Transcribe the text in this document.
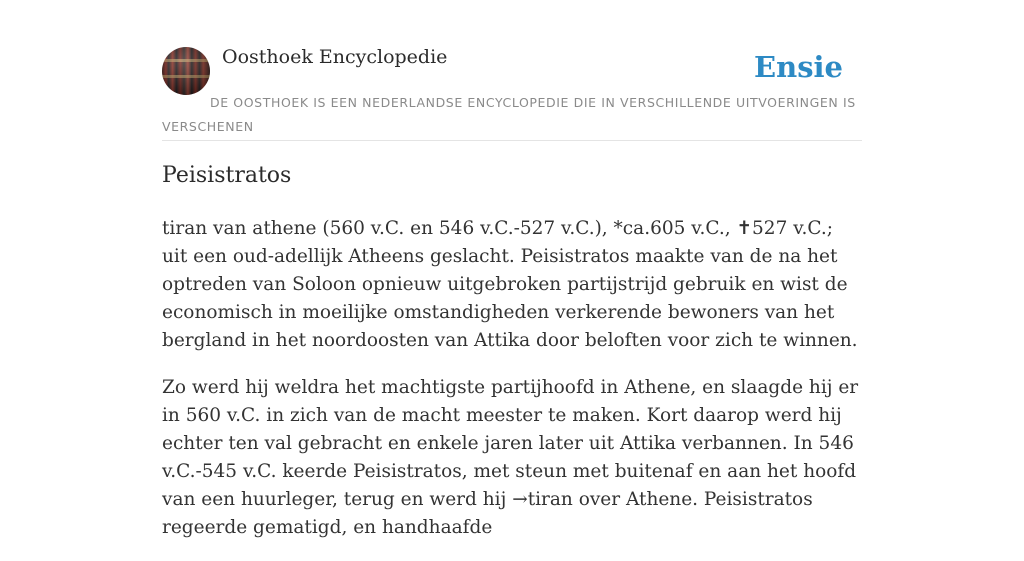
Oosthoek Encyclopedie	Ensie
DE OOSTHOEK IS EEN NEDERLANDSE ENCYCLOPEDIE DIE IN VERSCHILLENDE UITVOERINGEN IS VERSCHENEN
Peisistratos

tiran van athene (560 v.C. en 546 v.C.-527 v.C.), *ca.605 v.C., ✝527 v.C.; uit een oud-adellijk Atheens geslacht. Peisistratos maakte van de na het optreden van Soloon opnieuw uitgebroken partijstrijd gebruik en wist de economisch in moeilijke omstandigheden verkerende bewoners van het bergland in het noordoosten van Attika door beloften voor zich te winnen.

Zo werd hij weldra het machtigste partijhoofd in Athene, en slaagde hij er in 560 v.C. in zich van de macht meester te maken. Kort daarop werd hij echter ten val gebracht en enkele jaren later uit Attika verbannen. In 546 v.C.-545 v.C. keerde Peisistratos, met steun met buitenaf en aan het hoofd van een huurleger, terug en werd hij →tiran over Athene. Peisistratos regeerde gematigd, en handhaafde
